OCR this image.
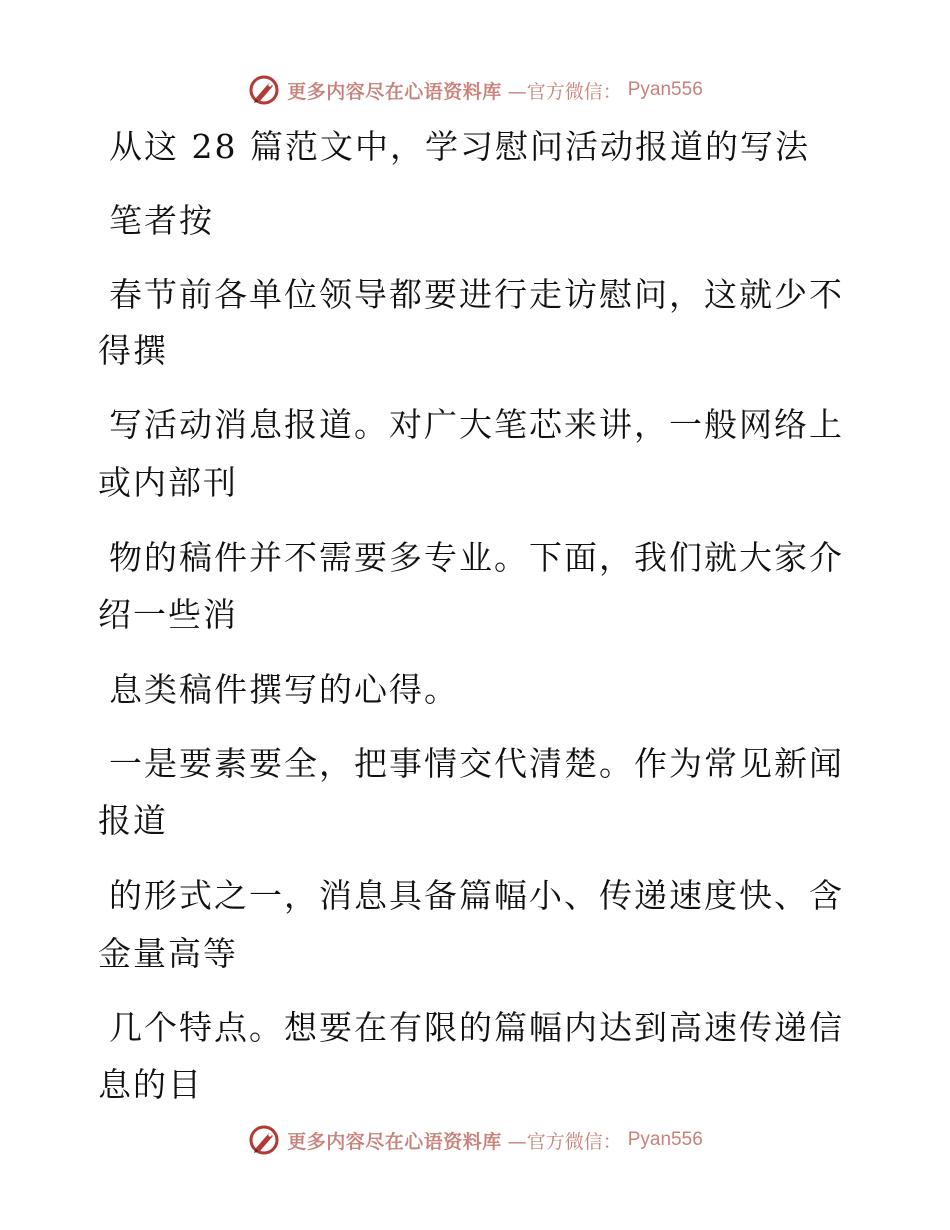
更多内容尽在心语资料库 —官方微信： Pyan556
从这 28 篇范文中，学习慰问活动报道的写法
笔者按
春节前各单位领导都要进行走访慰问，这就少不
得撰
写活动消息报道。对广大笔芯来讲，一般网络上
或内部刊
物的稿件并不需要多专业。下面，我们就大家介
绍一些消
息类稿件撰写的心得。
一是要素要全，把事情交代清楚。作为常见新闻
报道
的形式之一，消息具备篇幅小、传递速度快、含
金量高等
几个特点。想要在有限的篇幅内达到高速传递信
息的目
更多内容尽在心语资料库 —官方微信： Pyan556
